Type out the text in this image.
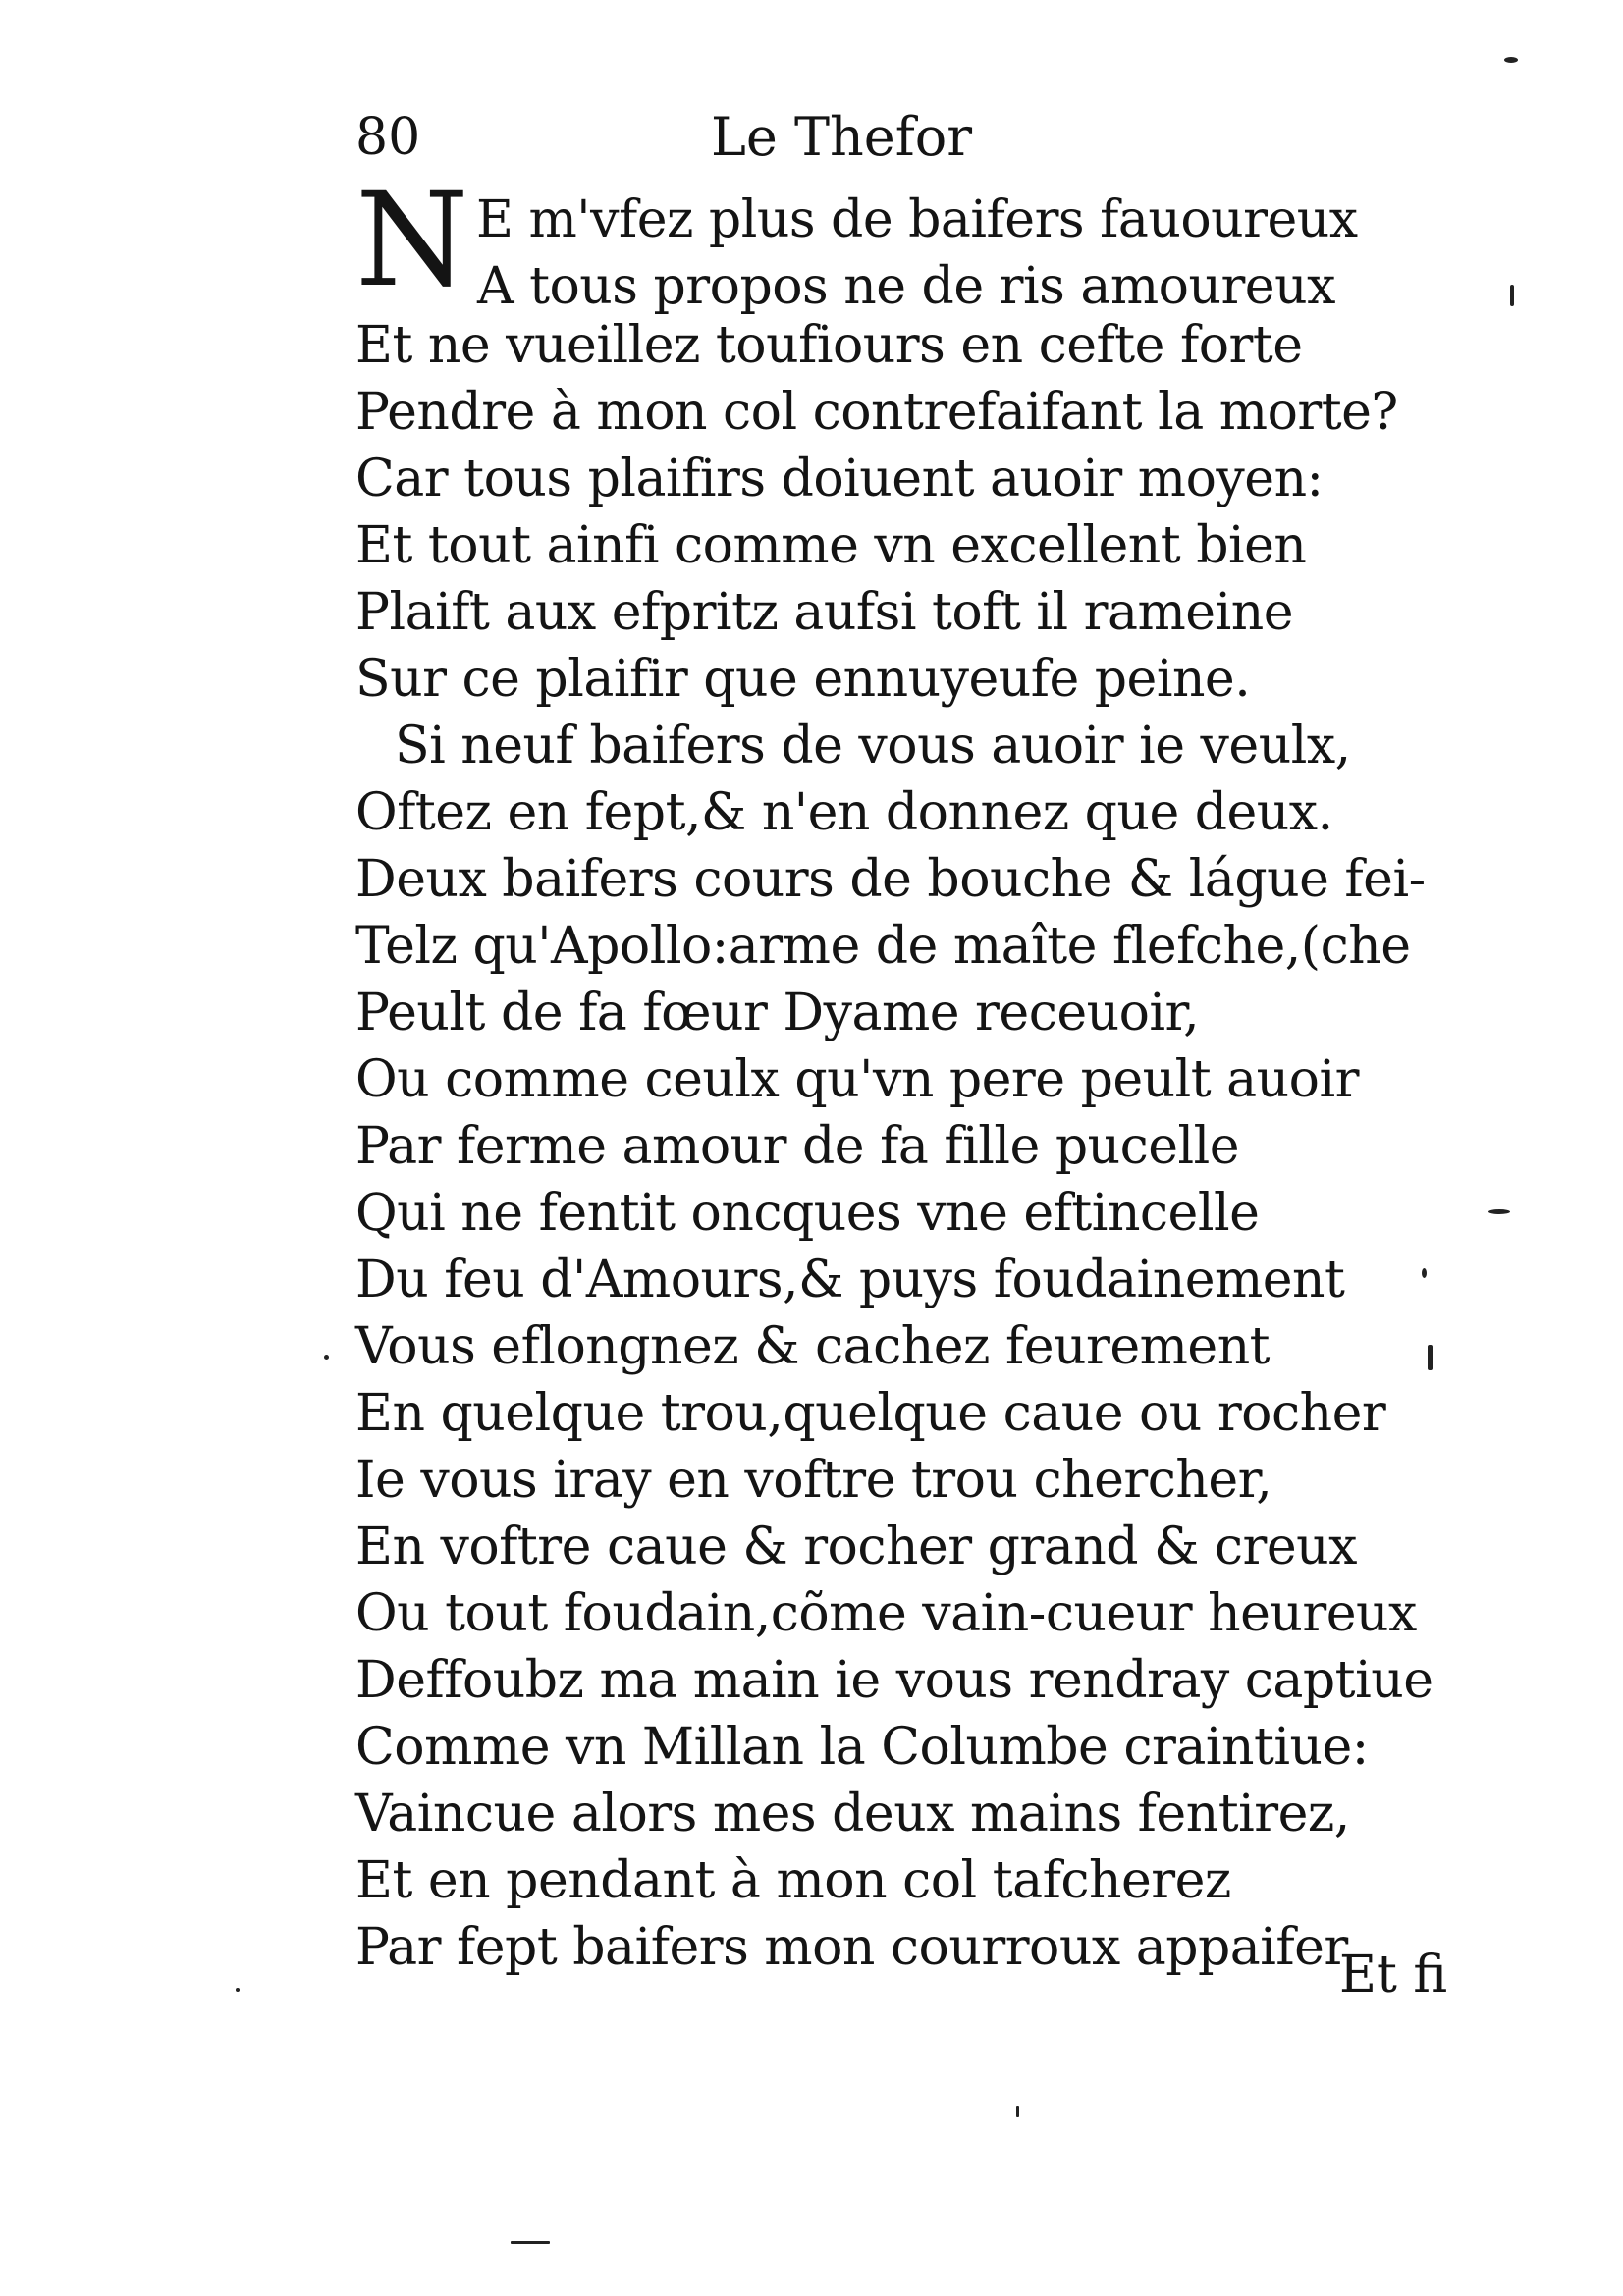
80	Le Thefor
N E m'vfez plus de baifers fauoureux
A tous propos ne de ris amoureux
Et ne vueillez toufiours en cefte forte
Pendre à mon col contrefaifant la morte?
Car tous plaifirs doiuent auoir moyen:
Et tout ainfi comme vn excellent bien
Plaift aux efpritz aufsi toft il rameine
Sur ce plaifir que ennuyeufe peine.
Si neuf baifers de vous auoir ie veulx,
Oftez en fept,& n'en donnez que deux.
Deux baifers cours de bouche & lágue fei-
Telz qu'Apollo:arme de maîte flefche,(che
Peult de fa fœur Dyame receuoir,
Ou comme ceulx qu'vn pere peult auoir
Par ferme amour de fa fille pucelle
Qui ne fentit oncques vne eftincelle
Du feu d'Amours,& puys foudainement
Vous eflongnez & cachez feurement
En quelque trou,quelque caue ou rocher
Ie vous iray en voftre trou chercher,
En voftre caue & rocher grand & creux
Ou tout foudain,cõme vain-cueur heureux
Deffoubz ma main ie vous rendray captiue
Comme vn Millan la Columbe craintiue:
Vaincue alors mes deux mains fentirez,
Et en pendant à mon col tafcherez
Par fept baifers mon courroux appaifer
Et fi
